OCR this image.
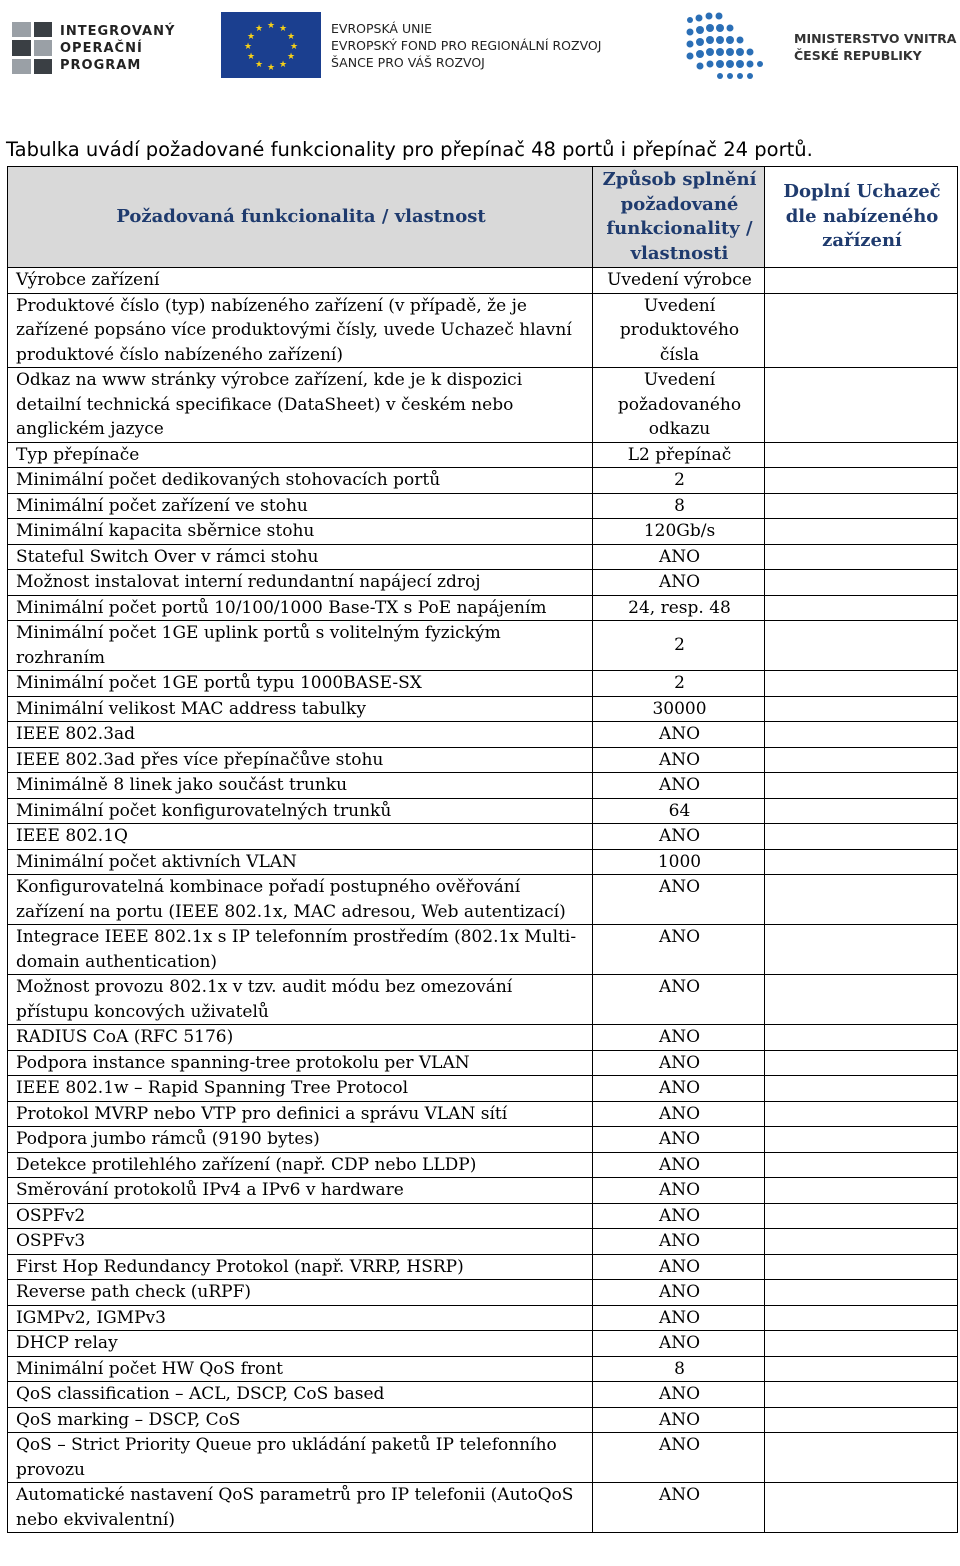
INTEGROVANÝ
OPERAČNÍ
PROGRAM
★ ★
★
★
★
★
★
★
★
★
★
★	EVROPSKÁ UNIE
EVROPSKÝ FOND PRO REGIONÁLNÍ ROZVOJ
ŠANCE PRO VÁŠ ROZVOJ
MINISTERSTVO VNITRA
ČESKÉ REPUBLIKY
Tabulka uvádí požadované funkcionality pro přepínač 48 portů i přepínač 24 portů.
Požadovaná funkcionalita / vlastnost	Způsob splnění požadované funkcionality / vlastnosti	Doplní Uchazeč dle nabízeného zařízení
Výrobce zařízení	Uvedení výrobce	
Produktové číslo (typ) nabízeného zařízení (v případě, že je zařízené popsáno více produktovými čísly, uvede Uchazeč hlavní produktové číslo nabízeného zařízení)	Uvedení produktového čísla	
Odkaz na www stránky výrobce zařízení, kde je k dispozici detailní technická specifikace (DataSheet) v českém nebo anglickém jazyce	Uvedení požadovaného odkazu	
Typ přepínače	L2 přepínač	
Minimální počet dedikovaných stohovacích portů	2	
Minimální počet zařízení ve stohu	8	
Minimální kapacita sběrnice stohu	120Gb/s	
Stateful Switch Over v rámci stohu	ANO	
Možnost instalovat interní redundantní napájecí zdroj	ANO	
Minimální počet portů 10/100/1000 Base-TX s PoE napájením	24, resp. 48	
Minimální počet 1GE uplink portů s volitelným fyzickým rozhraním	2	
Minimální počet 1GE portů typu 1000BASE-SX	2	
Minimální velikost MAC address tabulky	30000	
IEEE 802.3ad	ANO	
IEEE 802.3ad přes více přepínačůve stohu	ANO	
Minimálně 8 linek jako součást trunku	ANO	
Minimální počet konfigurovatelných trunků	64	
IEEE 802.1Q	ANO	
Minimální počet aktivních VLAN	1000	
Konfigurovatelná kombinace pořadí postupného ověřování zařízení na portu (IEEE 802.1x, MAC adresou, Web autentizací)	ANO	
Integrace IEEE 802.1x s IP telefonním prostředím (802.1x Multi-domain authentication)	ANO	
Možnost provozu 802.1x v tzv. audit módu bez omezování přístupu koncových uživatelů	ANO	
RADIUS CoA (RFC 5176)	ANO	
Podpora instance spanning-tree protokolu per VLAN	ANO	
IEEE 802.1w – Rapid Spanning Tree Protocol	ANO	
Protokol MVRP nebo VTP pro definici a správu VLAN sítí	ANO	
Podpora jumbo rámců (9190 bytes)	ANO	
Detekce protilehlého zařízení (např. CDP nebo LLDP)	ANO	
Směrování protokolů IPv4 a IPv6 v hardware	ANO	
OSPFv2	ANO	
OSPFv3	ANO	
First Hop Redundancy Protokol (např. VRRP, HSRP)	ANO	
Reverse path check (uRPF)	ANO	
IGMPv2, IGMPv3	ANO	
DHCP relay	ANO	
Minimální počet HW QoS front	8	
QoS classification – ACL, DSCP, CoS based	ANO	
QoS marking – DSCP, CoS	ANO	
QoS – Strict Priority Queue pro ukládání paketů IP telefonního provozu	ANO	
Automatické nastavení QoS parametrů pro IP telefonii (AutoQoS nebo ekvivalentní)	ANO	
